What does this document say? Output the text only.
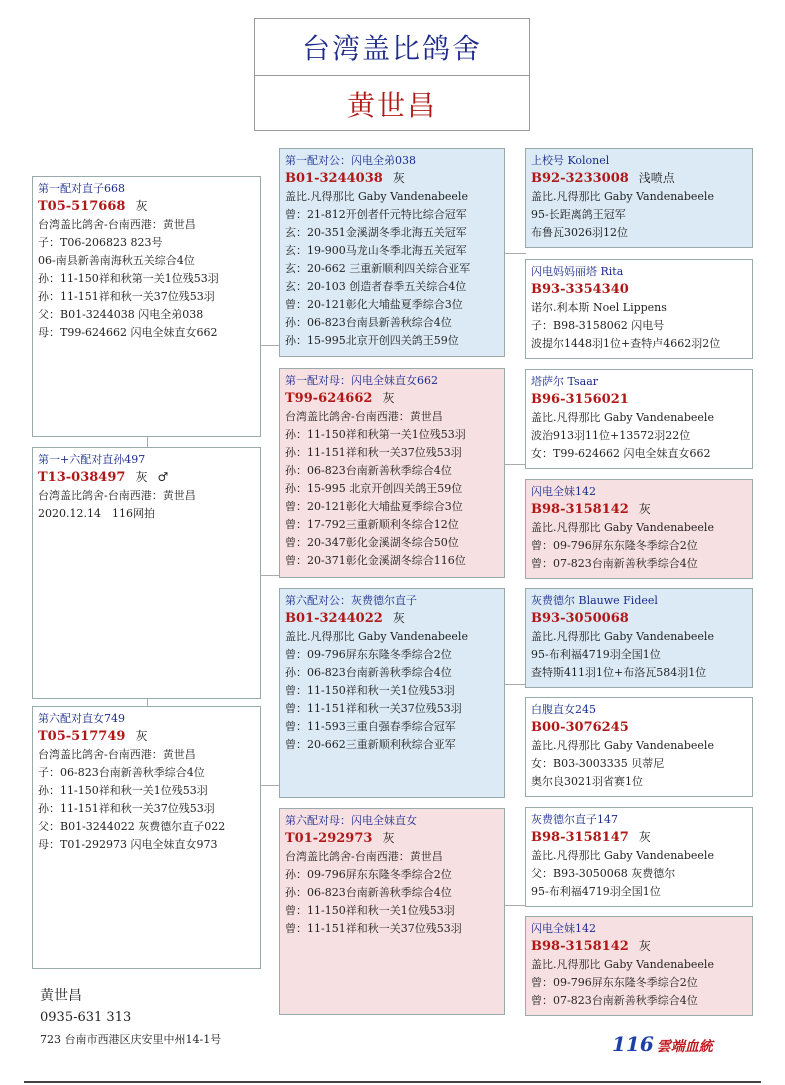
台湾盖比鸽舍
黄世昌
第一配对直子668
T05-517668 灰
台湾盖比鸽舍-台南西港：黄世昌
子：T06-206823 823号
06-南县新善南海秋五关综合4位
孙：11-150祥和秋第一关1位残53羽
孙：11-151祥和秋一关37位残53羽
父：B01-3244038 闪电全弟038
母：T99-624662 闪电全妹直女662
第一+六配对直孙497
T13-038497 灰 ♂
台湾盖比鸽舍-台南西港：黄世昌
2020.12.14　116网拍
第六配对直女749
T05-517749 灰
台湾盖比鸽舍-台南西港：黄世昌
子：06-823台南新善秋季综合4位
孙：11-150祥和秋一关1位残53羽
孙：11-151祥和秋一关37位残53羽
父：B01-3244022 灰费德尔直子022
母：T01-292973 闪电全妹直女973
第一配对公：闪电全弟038
B01-3244038 灰
盖比.凡得那比 Gaby Vandenabeele
曾：21-812开创者仟元特比综合冠军
玄：20-351金溪湖冬季北海五关冠军
玄：19-900马龙山冬季北海五关冠军
玄：20-662 三重新顺利四关综合亚军
玄：20-103 创造者春季五关综合4位
曾：20-121彰化大埔盐夏季综合3位
孙：06-823台南县新善秋综合4位
孙：15-995北京开创四关鸽王59位
第一配对母：闪电全妹直女662
T99-624662 灰
台湾盖比鸽舍-台南西港：黄世昌
孙：11-150祥和秋第一关1位残53羽
孙：11-151祥和秋一关37位残53羽
孙：06-823台南新善秋季综合4位
孙：15-995 北京开创四关鸽王59位
曾：20-121彰化大埔盐夏季综合3位
曾：17-792三重新顺利冬综合12位
曾：20-347彰化金溪湖冬综合50位
曾：20-371彰化金溪湖冬综合116位
第六配对公：灰费德尔直子
B01-3244022 灰
盖比.凡得那比 Gaby Vandenabeele
曾：09-796屏东东隆冬季综合2位
孙：06-823台南新善秋季综合4位
曾：11-150祥和秋一关1位残53羽
曾：11-151祥和秋一关37位残53羽
曾：11-593三重自强春季综合冠军
曾：20-662三重新顺利秋综合亚军
第六配对母：闪电全妹直女
T01-292973 灰
台湾盖比鸽舍-台南西港：黄世昌
孙：09-796屏东东隆冬季综合2位
孙：06-823台南新善秋季综合4位
曾：11-150祥和秋一关1位残53羽
曾：11-151祥和秋一关37位残53羽
上校号 Kolonel
B92-3233008 浅喷点
盖比.凡得那比 Gaby Vandenabeele
95-长距离鸽王冠军
布鲁瓦3026羽12位
闪电妈妈丽塔 Rita
B93-3354340
诺尔.利本斯 Noel Lippens
子：B98-3158062 闪电号
波提尔1448羽1位+查特卢4662羽2位
塔萨尔 Tsaar
B96-3156021
盖比.凡得那比 Gaby Vandenabeele
波治913羽11位+13572羽22位
女：T99-624662 闪电全妹直女662
闪电全妹142
B98-3158142 灰
盖比.凡得那比 Gaby Vandenabeele
曾：09-796屏东东隆冬季综合2位
曾：07-823台南新善秋季综合4位
灰费德尔 Blauwe Fideel
B93-3050068
盖比.凡得那比 Gaby Vandenabeele
95-布利福4719羽全国1位
查特斯411羽1位+布洛瓦584羽1位
白腹直女245
B00-3076245
盖比.凡得那比 Gaby Vandenabeele
女：B03-3003335 贝蒂尼
奥尔良3021羽省赛1位
灰费德尔直子147
B98-3158147 灰
盖比.凡得那比 Gaby Vandenabeele
父：B93-3050068 灰费德尔
95-布利福4719羽全国1位
闪电全妹142
B98-3158142 灰
盖比.凡得那比 Gaby Vandenabeele
曾：09-796屏东东隆冬季综合2位
曾：07-823台南新善秋季综合4位
黄世昌
0935-631 313
723 台南市西港区庆安里中州14-1号	116 雲端血統
